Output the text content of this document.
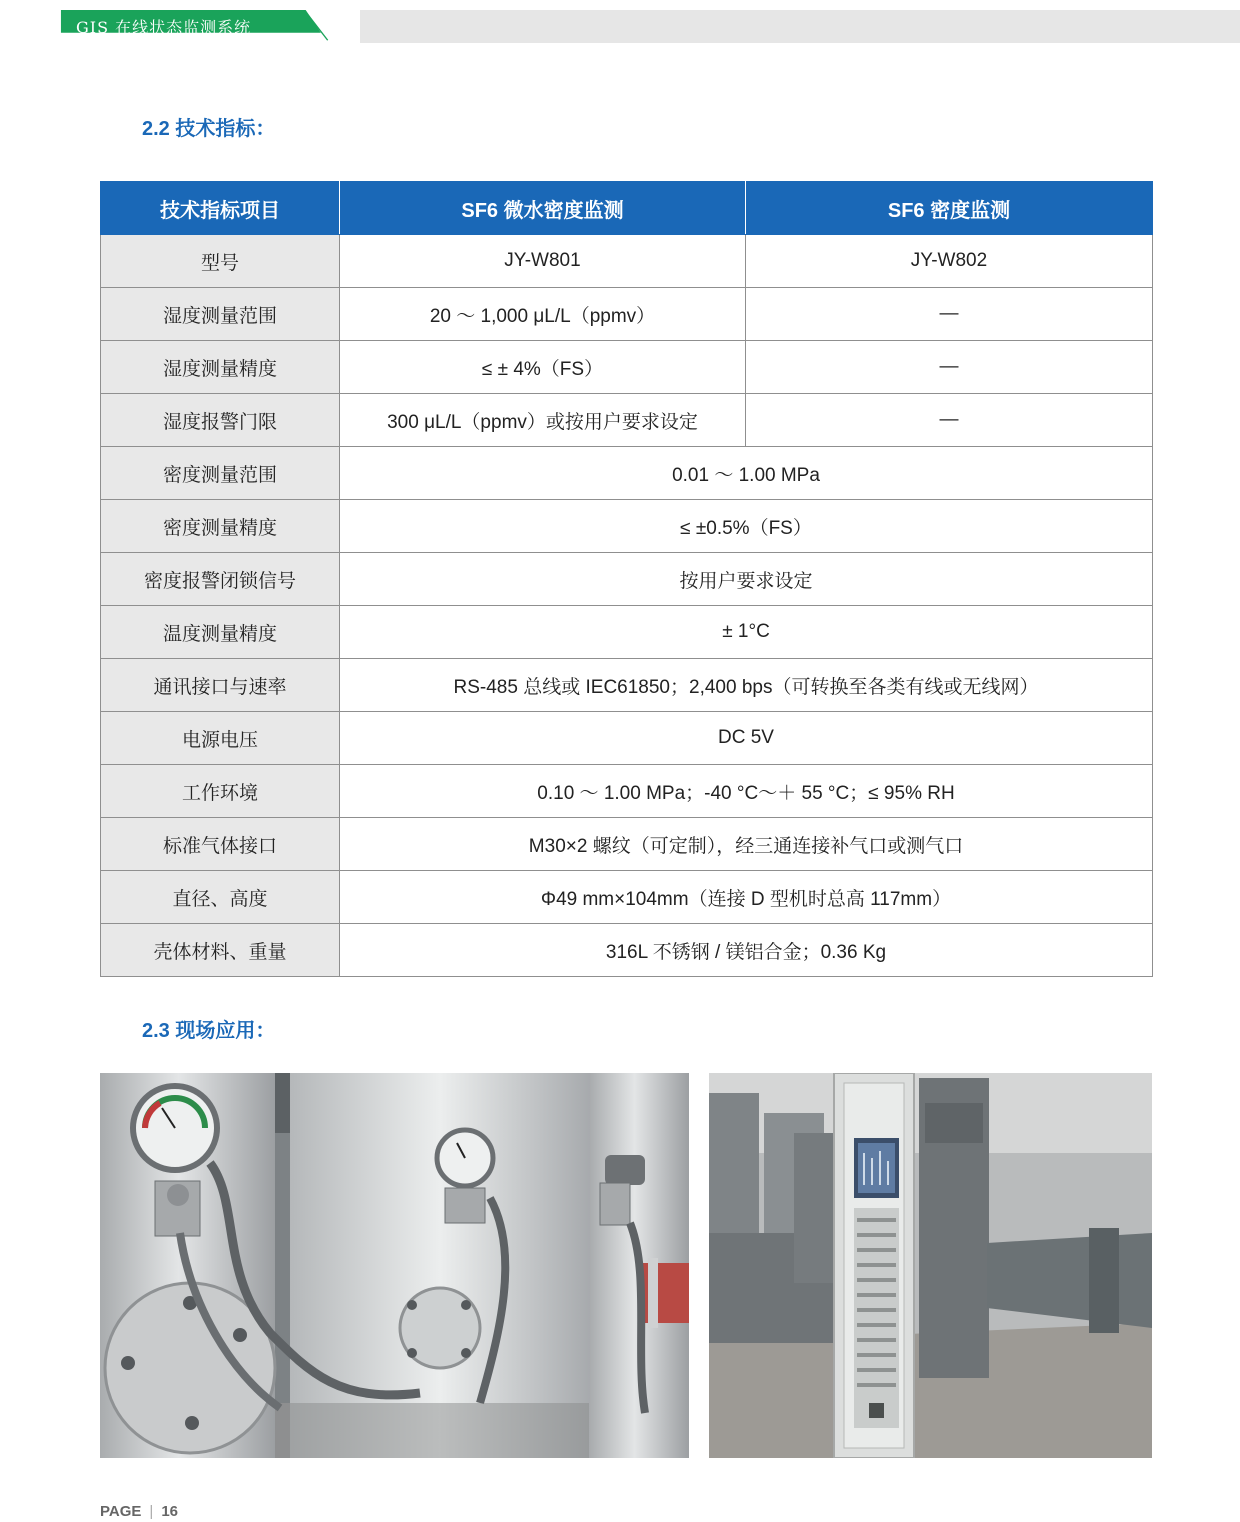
GIS 在线状态监测系统
2.2 技术指标：
技术指标项目	SF6 微水密度监测	SF6 密度监测
型号	JY-W801	JY-W802
湿度测量范围	20 ～ 1,000 μL/L（ppmv）	—
湿度测量精度	≤ ± 4%（FS）	—
湿度报警门限	300 μL/L（ppmv）或按用户要求设定	—
密度测量范围	0.01 ～ 1.00 MPa	
密度测量精度	≤ ±0.5%（FS）	
密度报警闭锁信号	按用户要求设定	
温度测量精度	± 1°C	
通讯接口与速率	RS-485 总线或 IEC61850；2,400 bps（可转换至各类有线或无线网）	
电源电压	DC 5V	
工作环境	0.10 ～ 1.00 MPa；-40 °C～＋ 55 °C；≤ 95% RH	
标准气体接口	M30×2 螺纹（可定制），经三通连接补气口或测气口	
直径、高度	Φ49 mm×104mm（连接 D 型机时总高 117mm）	
壳体材料、重量	316L 不锈钢 / 镁铝合金；0.36 Kg	
2.3 现场应用：
PAGE | 16
